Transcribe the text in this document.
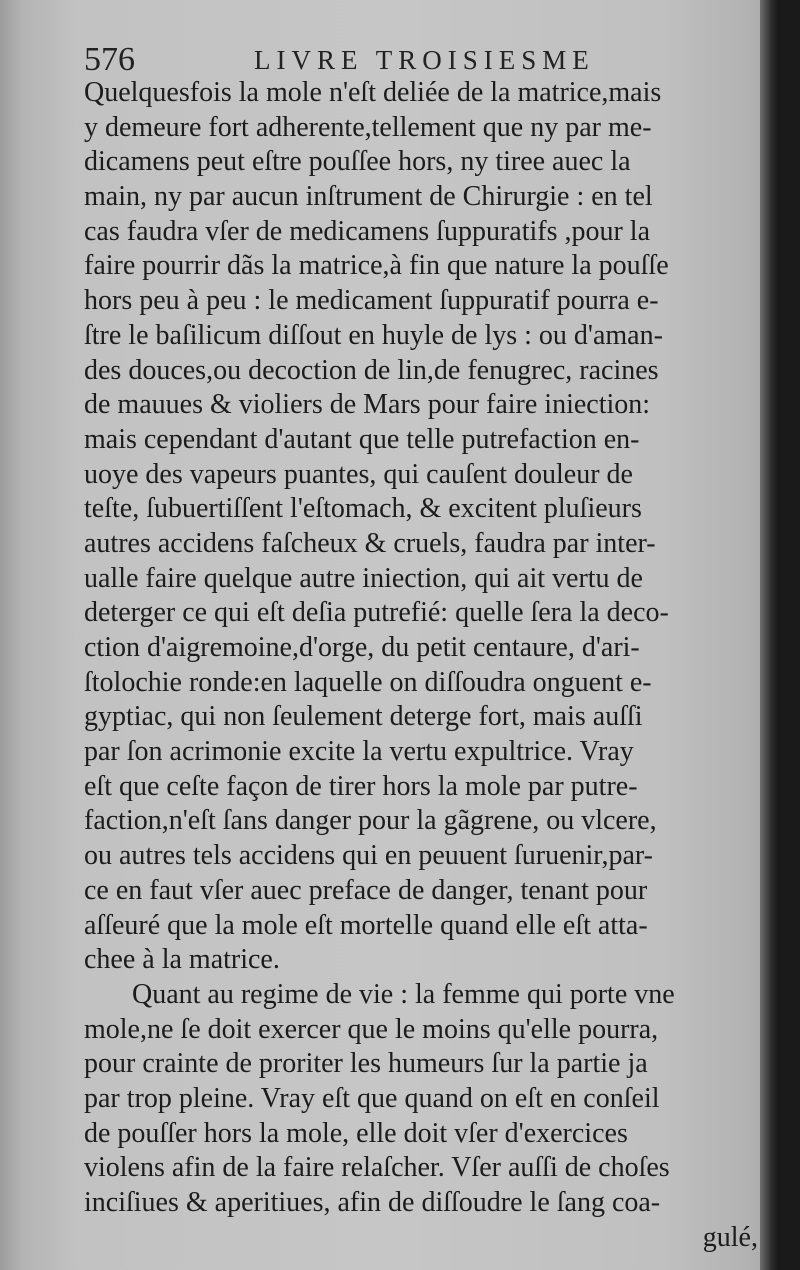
576	LIVRE TROISIESME
Quelquesfois la mole n'eſt deliée de la matrice,mais
y demeure fort adherente,tellement que ny par me-
dicamens peut eſtre pouſſee hors, ny tiree auec la
main, ny par aucun inſtrument de Chirurgie : en tel
cas faudra vſer de medicamens ſuppuratifs ,pour la
faire pourrir dãs la matrice,à fin que nature la pouſſe
hors peu à peu : le medicament ſuppuratif pourra e-
ſtre le baſilicum diſſout en huyle de lys : ou d'aman-
des douces,ou decoction de lin,de fenugrec, racines
de mauues & violiers de Mars pour faire iniection:
mais cependant d'autant que telle putrefaction en-
uoye des vapeurs puantes, qui cauſent douleur de
teſte, ſubuertiſſent l'eſtomach, & excitent pluſieurs
autres accidens faſcheux & cruels, faudra par inter-
ualle faire quelque autre iniection, qui ait vertu de
deterger ce qui eſt deſia putrefié: quelle ſera la deco-
ction d'aigremoine,d'orge, du petit centaure, d'ari-
ſtolochie ronde:en laquelle on diſſoudra onguent e-
gyptiac, qui non ſeulement deterge fort, mais auſſi
par ſon acrimonie excite la vertu expultrice. Vray
eſt que ceſte façon de tirer hors la mole par putre-
faction,n'eſt ſans danger pour la gãgrene, ou vlcere,
ou autres tels accidens qui en peuuent ſuruenir,par-
ce en faut vſer auec preface de danger, tenant pour
aſſeuré que la mole eſt mortelle quand elle eſt atta-
chee à la matrice.
Quant au regime de vie : la femme qui porte vne
mole,ne ſe doit exercer que le moins qu'elle pourra,
pour crainte de proriter les humeurs ſur la partie ja
par trop pleine. Vray eſt que quand on eſt en conſeil
de pouſſer hors la mole, elle doit vſer d'exercices
violens afin de la faire relaſcher. Vſer auſſi de choſes
inciſiues & aperitiues, afin de diſſoudre le ſang coa-
gulé,
